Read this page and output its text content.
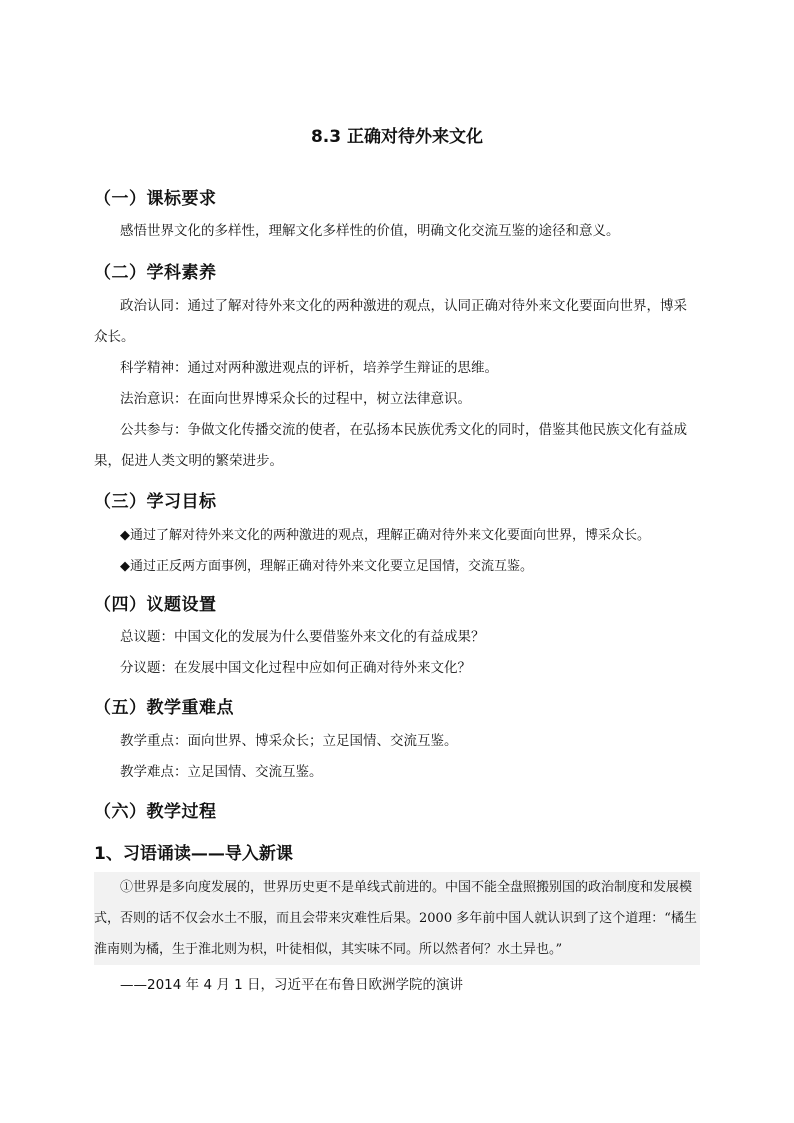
8.3 正确对待外来文化
（一）课标要求
感悟世界文化的多样性，理解文化多样性的价值，明确文化交流互鉴的途径和意义。
（二）学科素养
政治认同：通过了解对待外来文化的两种激进的观点，认同正确对待外来文化要面向世界，博采众长。
科学精神：通过对两种激进观点的评析，培养学生辩证的思维。
法治意识：在面向世界博采众长的过程中，树立法律意识。
公共参与：争做文化传播交流的使者，在弘扬本民族优秀文化的同时，借鉴其他民族文化有益成果，促进人类文明的繁荣进步。
（三）学习目标
◆通过了解对待外来文化的两种激进的观点，理解正确对待外来文化要面向世界，博采众长。
◆通过正反两方面事例，理解正确对待外来文化要立足国情，交流互鉴。
（四）议题设置
总议题：中国文化的发展为什么要借鉴外来文化的有益成果？
分议题：在发展中国文化过程中应如何正确对待外来文化？
（五）教学重难点
教学重点：面向世界、博采众长；立足国情、交流互鉴。
教学难点：立足国情、交流互鉴。
（六）教学过程
1、习语诵读——导入新课
①世界是多向度发展的，世界历史更不是单线式前进的。中国不能全盘照搬别国的政治制度和发展模式，否则的话不仅会水土不服，而且会带来灾难性后果。2000 多年前中国人就认识到了这个道理：“橘生淮南则为橘，生于淮北则为枳，叶徒相似，其实味不同。所以然者何？水土异也。”
——2014 年 4 月 1 日，习近平在布鲁日欧洲学院的演讲
